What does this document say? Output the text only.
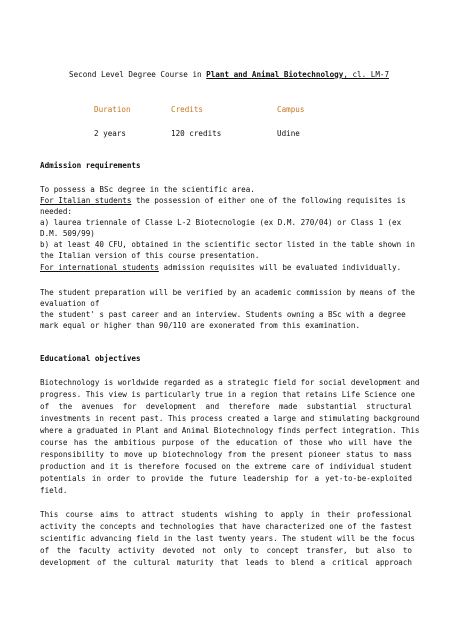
Second Level Degree Course in Plant and Animal Biotechnology, cl. LM-7
Duration	Credits	Campus
2 years	120 credits	Udine
Admission requirements
To possess a BSc degree in the scientific area.
For Italian students the possession of either one of the following requisites is
needed:
a) laurea triennale of Classe L-2 Biotecnologie (ex D.M. 270/04) or Class 1 (ex
D.M. 509/99)
b) at least 40 CFU, obtained in the scientific sector listed in the table shown in
the Italian version of this course presentation.
For international students admission requisites will be evaluated individually.
The student preparation will be verified by an academic commission by means of the
evaluation of
the student' s past career and an interview. Students owning a BSc with a degree
mark equal or higher than 90/110 are exonerated from this examination.
Educational objectives
Biotechnology is worldwide regarded as a strategic field for social development and
progress. This view is particularly true in a region that retains Life Science one
of the avenues for development and therefore made substantial structural
investments in recent past. This process created a large and stimulating background
where a graduated in Plant and Animal Biotechnology finds perfect integration. This
course has the ambitious purpose of the education of those who will have the
responsibility to move up biotechnology from the present pioneer status to mass
production and it is therefore focused on the extreme care of individual student
potentials in order to provide the future leadership for a yet-to-be-exploited
field.
This course aims to attract students wishing to apply in their professional
activity the concepts and technologies that have characterized one of the fastest
scientific advancing field in the last twenty years. The student will be the focus
of the faculty activity devoted not only to concept transfer, but also to
development of the cultural maturity that leads to blend a critical approach
